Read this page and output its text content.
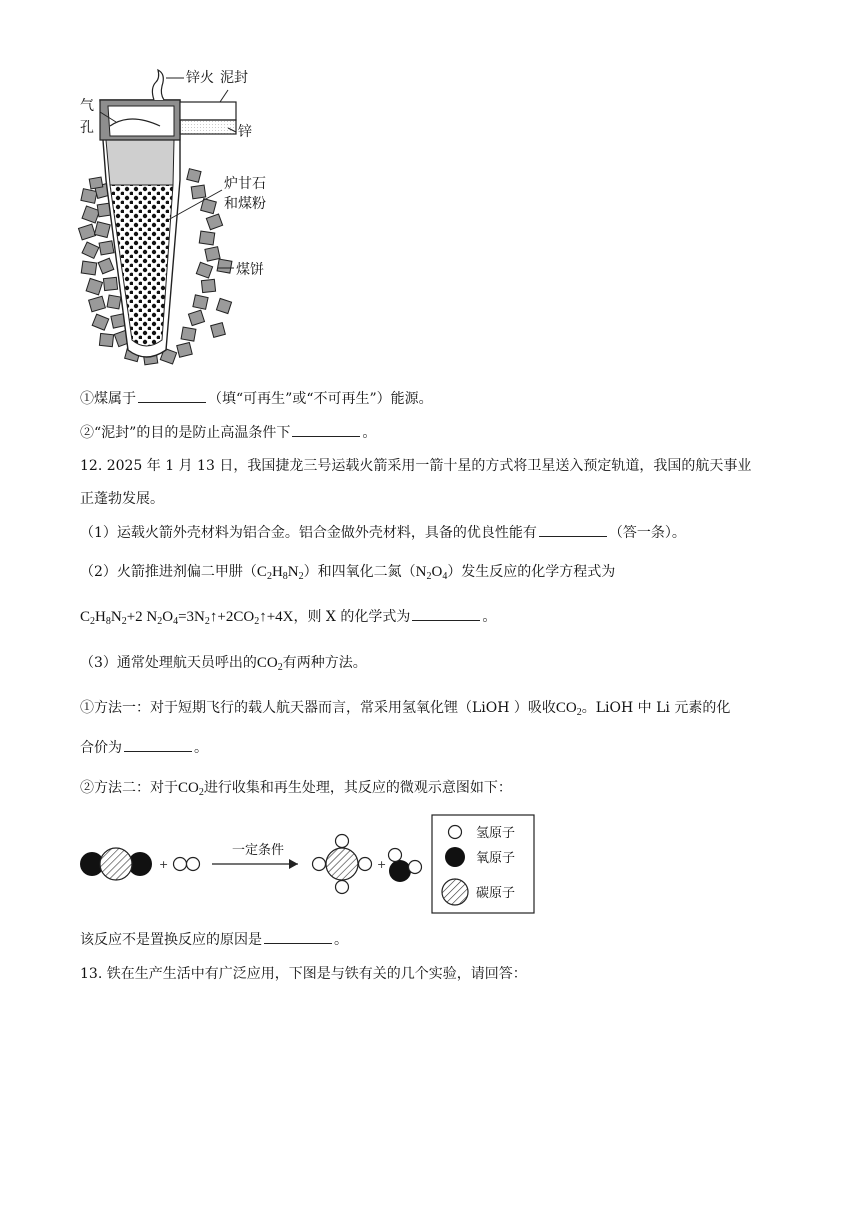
锌火 泥封
气
孔	锌
炉甘石
和煤粉
煤饼
①煤属于	（填“可再生”或“不可再生”）能源。
②“泥封”的目的是防止高温条件下	。
12. 2025 年 1 月 13 日，我国捷龙三号运载火箭采用一箭十星的方式将卫星送入预定轨道，我国的航天事业
正蓬勃发展。
（1）运载火箭外壳材料为铝合金。铝合金做外壳材料，具备的优良性能有	（答一条）。
（2）火箭推进剂偏二甲肼$(C_2H_8N_2)$和四氧化二氮$(N_2O_4)$发生反应的化学方程式为
$C_2H_8N_2+2$ $N_2O_4=3N_2↑+2CO_2↑+4X$，则 X 的化学式为	。
（3）通常处理航天员呼出的$CO_2$有两种方法。
①方法一：对于短期飞行的载人航天器而言，常采用氢氧化锂（LiOH ）吸收$CO_2$。LiOH 中 Li 元素的化
合价为	。
②方法二：对于$CO_2$进行收集和再生处理，其反应的微观示意图如下：
+
一定条件
+
氢原子
氧原子
碳原子
该反应不是置换反应的原因是	。
13. 铁在生产生活中有广泛应用，下图是与铁有关的几个实验，请回答：
